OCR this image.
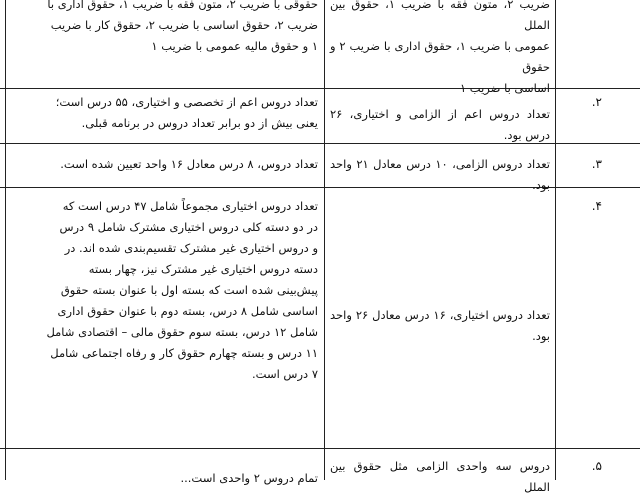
ضریب ۲، متون فقه با ضریب ۱، حقوق بین الملل
عمومی با ضریب ۱، حقوق اداری با ضریب ۲ و حقوق
اساسی با ضریب ۱
حقوقی با ضریب ۲، متون فقه با ضریب ۱، حقوق اداری با
ضریب ۲، حقوق اساسی با ضریب ۲، حقوق کار با ضریب
۱ و حقوق مالیه عمومی با ضریب ۱
۲.
تعداد دروس اعم از الزامی و اختیاری، ۲۶ درس بود.
تعداد دروس اعم از تخصصی و اختیاری، ۵۵ درس است؛
یعنی بیش از دو برابر تعداد دروس در برنامه قبلی.
۳.
تعداد دروس الزامی، ۱۰ درس معادل ۲۱ واحد بود.
تعداد دروس، ۸ درس معادل ۱۶ واحد تعیین شده است.
۴.
تعداد دروس اختیاری، ۱۶ درس معادل ۲۶ واحد بود.
تعداد دروس اختیاری مجموعاً شامل ۴۷ درس است که
در دو دسته کلی دروس اختیاری مشترک شامل ۹ درس
و دروس اختیاری غیر مشترک تقسیم‌بندی شده اند. در
دسته دروس اختیاری غیر مشترک نیز، چهار بسته
پیش‌بینی شده است که بسته اول با عنوان بسته حقوق
اساسی شامل ۸ درس، بسته دوم با عنوان حقوق اداری
شامل ۱۲ درس، بسته سوم حقوق مالی – اقتصادی شامل
۱۱ درس و بسته چهارم حقوق کار و رفاه اجتماعی شامل
۷ درس است.
۵.
دروس سه واحدی الزامی مثل حقوق بین الملل
تمام دروس ۲ واحدی است...
